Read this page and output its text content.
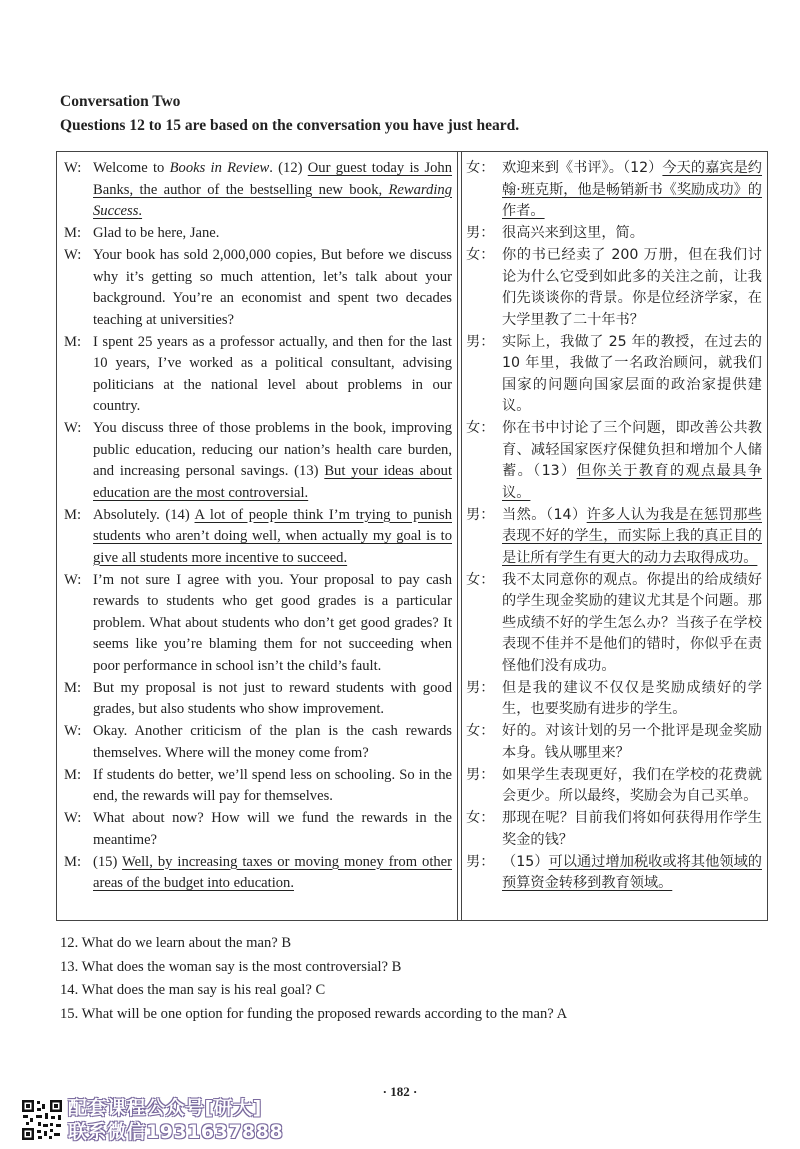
Conversation Two
Questions 12 to 15 are based on the conversation you have just heard.
W: Welcome to Books in Review. (12) Our guest today is John Banks, the author of the bestselling new book, Rewarding Success.
M: Glad to be here, Jane.
W: Your book has sold 2,000,000 copies, But before we discuss why it’s getting so much attention, let’s talk about your background. You’re an economist and spent two decades teaching at universities?
M: I spent 25 years as a professor actually, and then for the last 10 years, I’ve worked as a political consultant, advising politicians at the national level about problems in our country.
W: You discuss three of those problems in the book, improving public education, reducing our nation’s health care burden, and increasing personal savings. (13) But your ideas about education are the most controversial.
M: Absolutely. (14) A lot of people think I’m trying to punish students who aren’t doing well, when actually my goal is to give all students more incentive to succeed.
W: I’m not sure I agree with you. Your proposal to pay cash rewards to students who get good grades is a particular problem. What about students who don’t get good grades? It seems like you’re blaming them for not succeeding when poor performance in school isn’t the child’s fault.
M: But my proposal is not just to reward students with good grades, but also students who show improvement.
W: Okay. Another criticism of the plan is the cash rewards themselves. Where will the money come from?
M: If students do better, we’ll spend less on schooling. So in the end, the rewards will pay for themselves.
W: What about now? How will we fund the rewards in the meantime?
M: (15) Well, by increasing taxes or moving money from other areas of the budget into education.
女： 欢迎来到《书评》。（12）今天的嘉宾是约翰·班克斯，他是畅销新书《奖励成功》的作者。
男： 很高兴来到这里，简。
女： 你的书已经卖了 200 万册，但在我们讨论为什么它受到如此多的关注之前，让我们先谈谈你的背景。你是位经济学家，在大学里教了二十年书？
男： 实际上，我做了 25 年的教授，在过去的 10 年里，我做了一名政治顾问，就我们国家的问题向国家层面的政治家提供建议。
女： 你在书中讨论了三个问题，即改善公共教育、减轻国家医疗保健负担和增加个人储蓄。（13）但你关于教育的观点最具争议。
男： 当然。（14）许多人认为我是在惩罚那些表现不好的学生，而实际上我的真正目的是让所有学生有更大的动力去取得成功。
女： 我不太同意你的观点。你提出的给成绩好的学生现金奖励的建议尤其是个问题。那些成绩不好的学生怎么办？当孩子在学校表现不佳并不是他们的错时，你似乎在责怪他们没有成功。
男： 但是我的建议不仅仅是奖励成绩好的学生，也要奖励有进步的学生。
女： 好的。对该计划的另一个批评是现金奖励本身。钱从哪里来？
男： 如果学生表现更好，我们在学校的花费就会更少。所以最终，奖励会为自己买单。
女： 那现在呢？目前我们将如何获得用作学生奖金的钱？
男： （15）可以通过增加税收或将其他领域的预算资金转移到教育领域。
12. What do we learn about the man? B
13. What does the woman say is the most controversial? B
14. What does the man say is his real goal? C
15. What will be one option for funding the proposed rewards according to the man? A
· 182 ·
配套课程公众号[研大]
联系微信1931637888
